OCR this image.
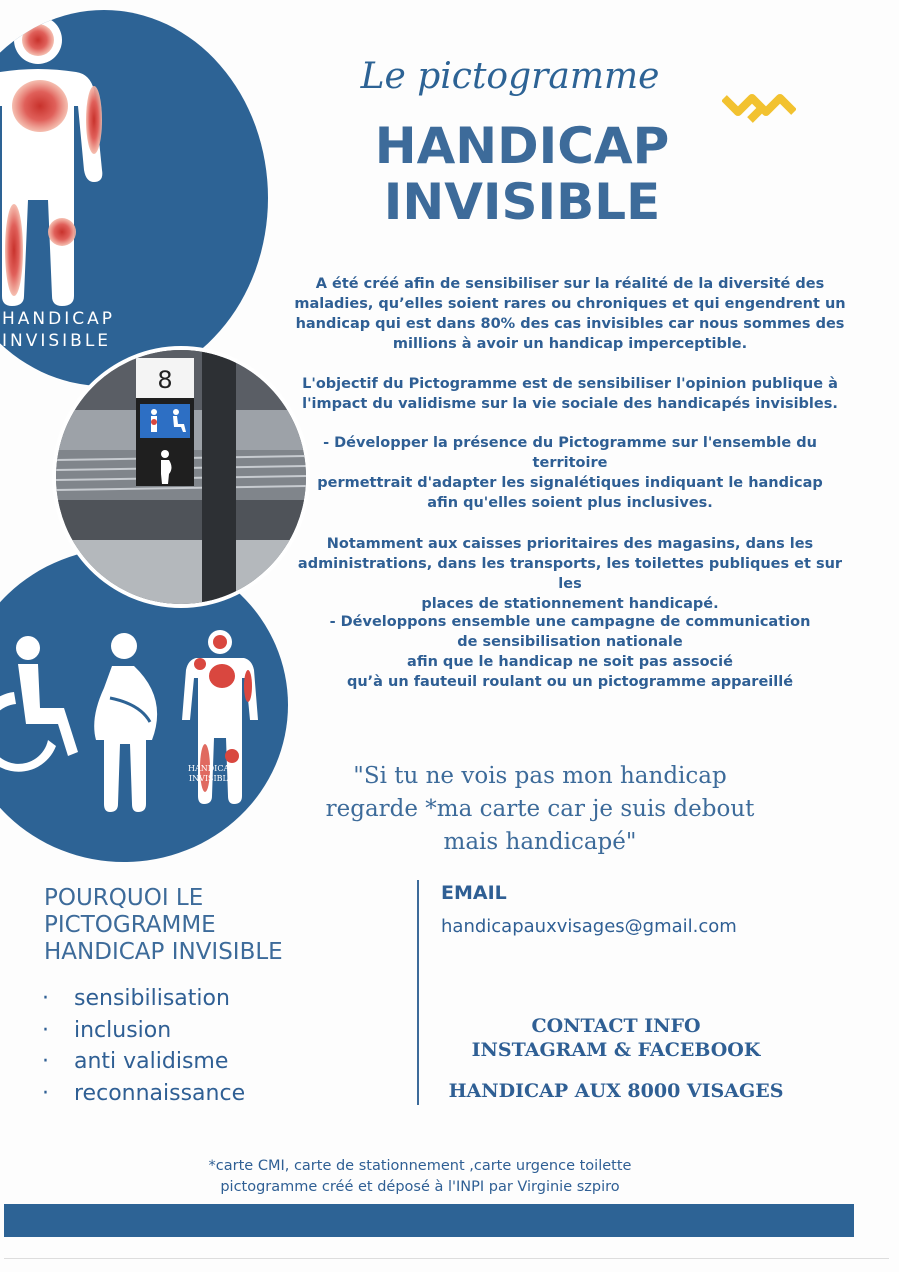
HANDICAP
INVISIBLE
HANDICAP
INVISIBLE
8
Le pictogramme
HANDICAP
INVISIBLE
A été créé afin de sensibiliser sur la réalité de la diversité des
maladies, qu’elles soient rares ou chroniques et qui engendrent un
handicap qui est dans 80% des cas invisibles car nous sommes des
millions à avoir un handicap imperceptible.
L'objectif du Pictogramme est de sensibiliser l'opinion publique à
l'impact du validisme sur la vie sociale des handicapés invisibles.
- Développer la présence du Pictogramme sur l'ensemble du
territoire
permettrait d'adapter les signalétiques indiquant le handicap
afin qu'elles soient plus inclusives.
Notamment aux caisses prioritaires des magasins, dans les
administrations, dans les transports, les toilettes publiques et sur les
places de stationnement handicapé.
- Développons ensemble une campagne de communication
de sensibilisation nationale
afin que le handicap ne soit pas associé
qu’à un fauteuil roulant ou un pictogramme appareillé
"Si tu ne vois pas mon handicap
regarde *ma carte car je suis debout
mais handicapé"
POURQUOI LE
PICTOGRAMME
HANDICAP INVISIBLE
· sensibilisation
· inclusion
· anti validisme
· reconnaissance
EMAIL
handicapauxvisages@gmail.com
CONTACT INFO
INSTAGRAM & FACEBOOK
HANDICAP AUX 8000 VISAGES
*carte CMI, carte de stationnement ,carte urgence toilette
pictogramme créé et déposé à l'INPI par Virginie szpiro
